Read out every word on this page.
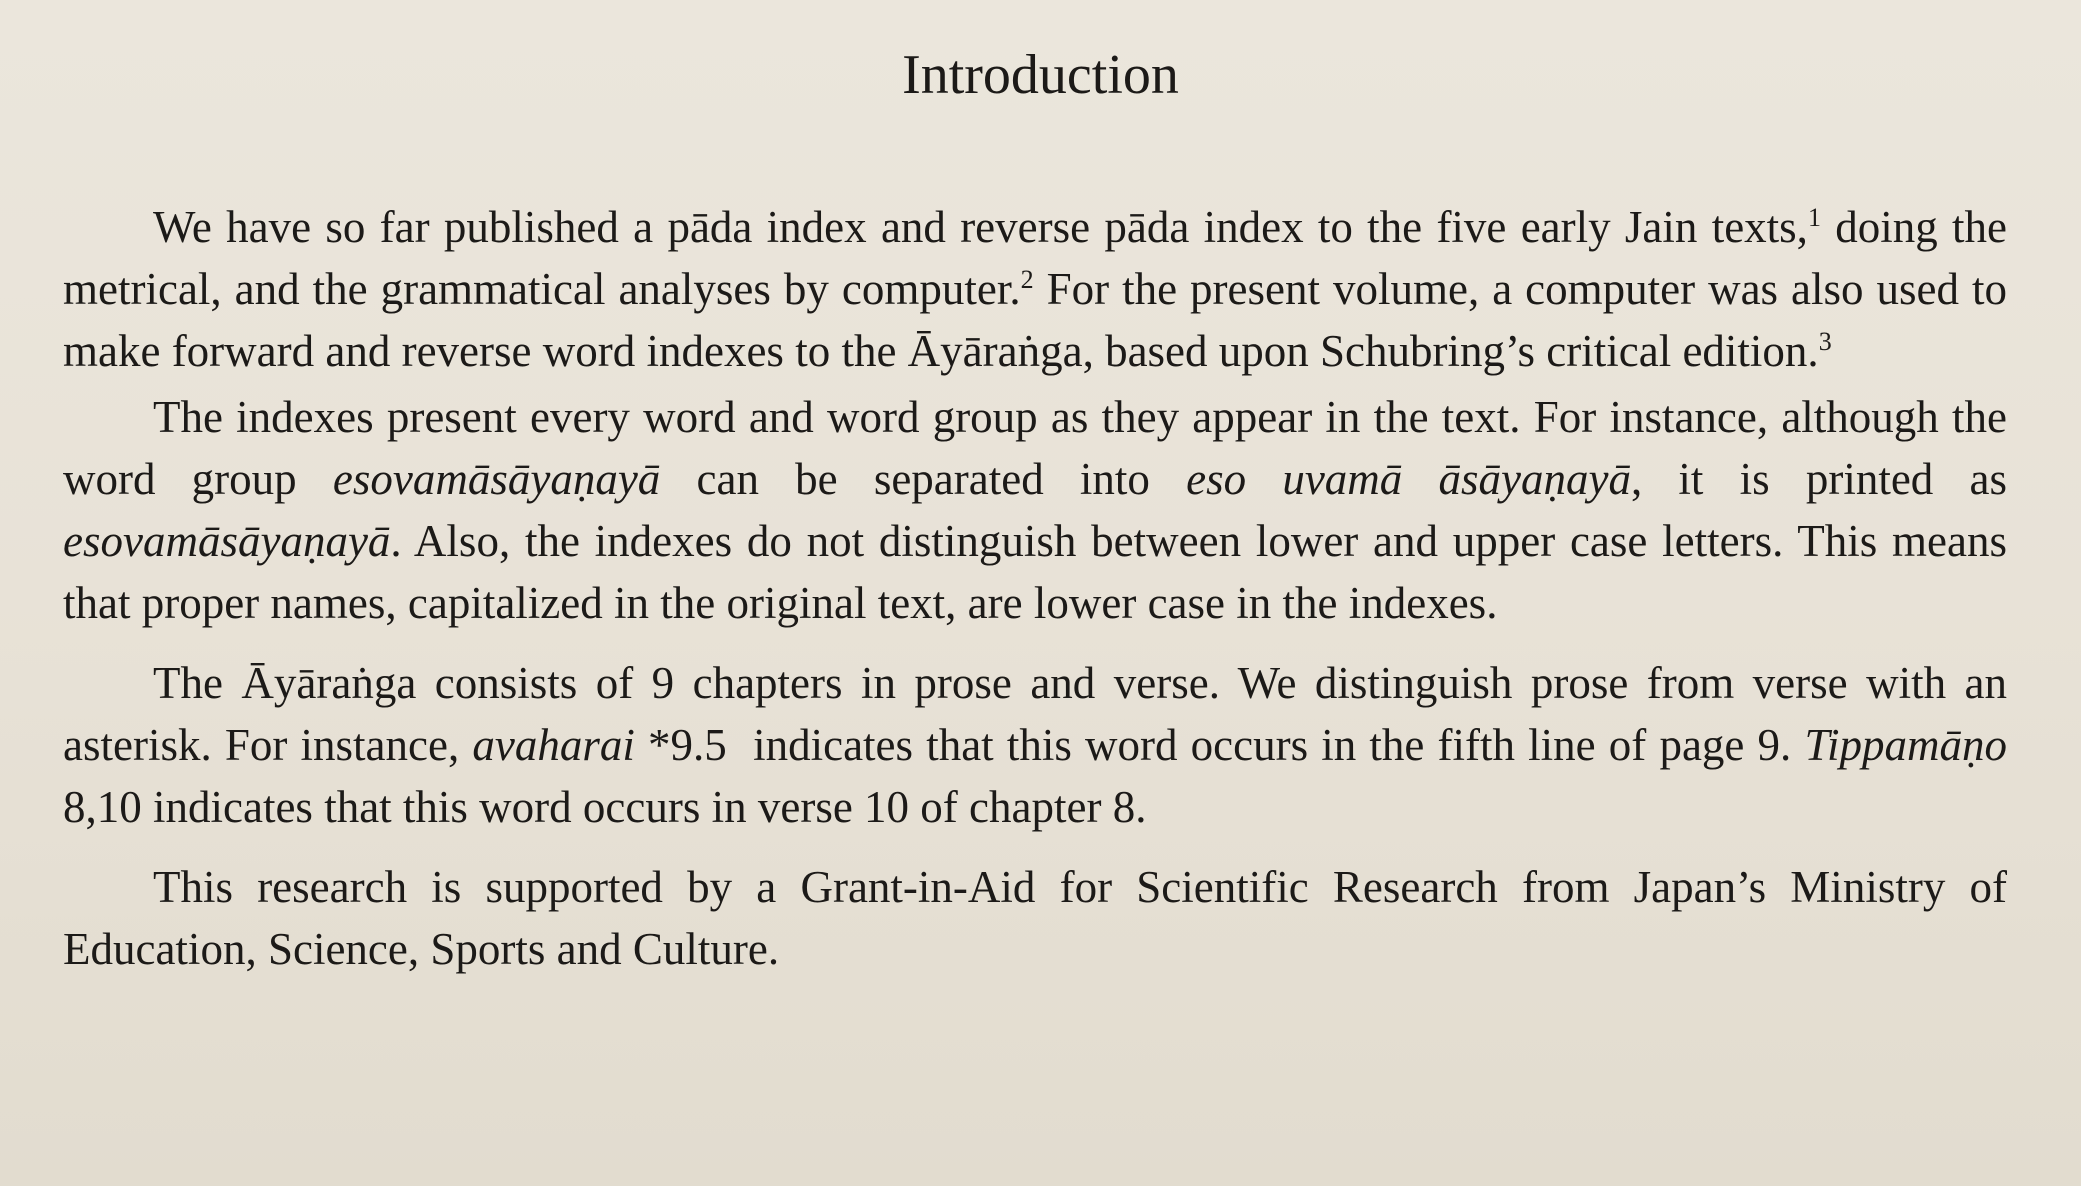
Introduction

We have so far published a pāda index and reverse pāda index to the five early Jain texts,$^1$ doing the metrical, and the grammatical analyses by computer.$^2$ For the present volume, a computer was also used to make forward and reverse word indexes to the Āyāraṅga, based upon Schubring’s critical edition.$^3$

The indexes present every word and word group as they appear in the text. For instance, although the word group esovamāsāyaṇayā can be separated into eso uvamā āsāyaṇayā, it is printed as esovamāsāyaṇayā. Also, the indexes do not distinguish between lower and upper case letters. This means that proper names, capitalized in the original text, are lower case in the indexes.

The Āyāraṅga consists of 9 chapters in prose and verse. We distinguish prose from verse with an asterisk. For instance, avaharai *9.5  indicates that this word occurs in the fifth line of page 9. Tippamāṇo  8,10 indicates that this word occurs in verse 10 of chapter 8.

This research is supported by a Grant-in-Aid for Scientific Research from Japan’s Ministry of Education, Science, Sports and Culture.
